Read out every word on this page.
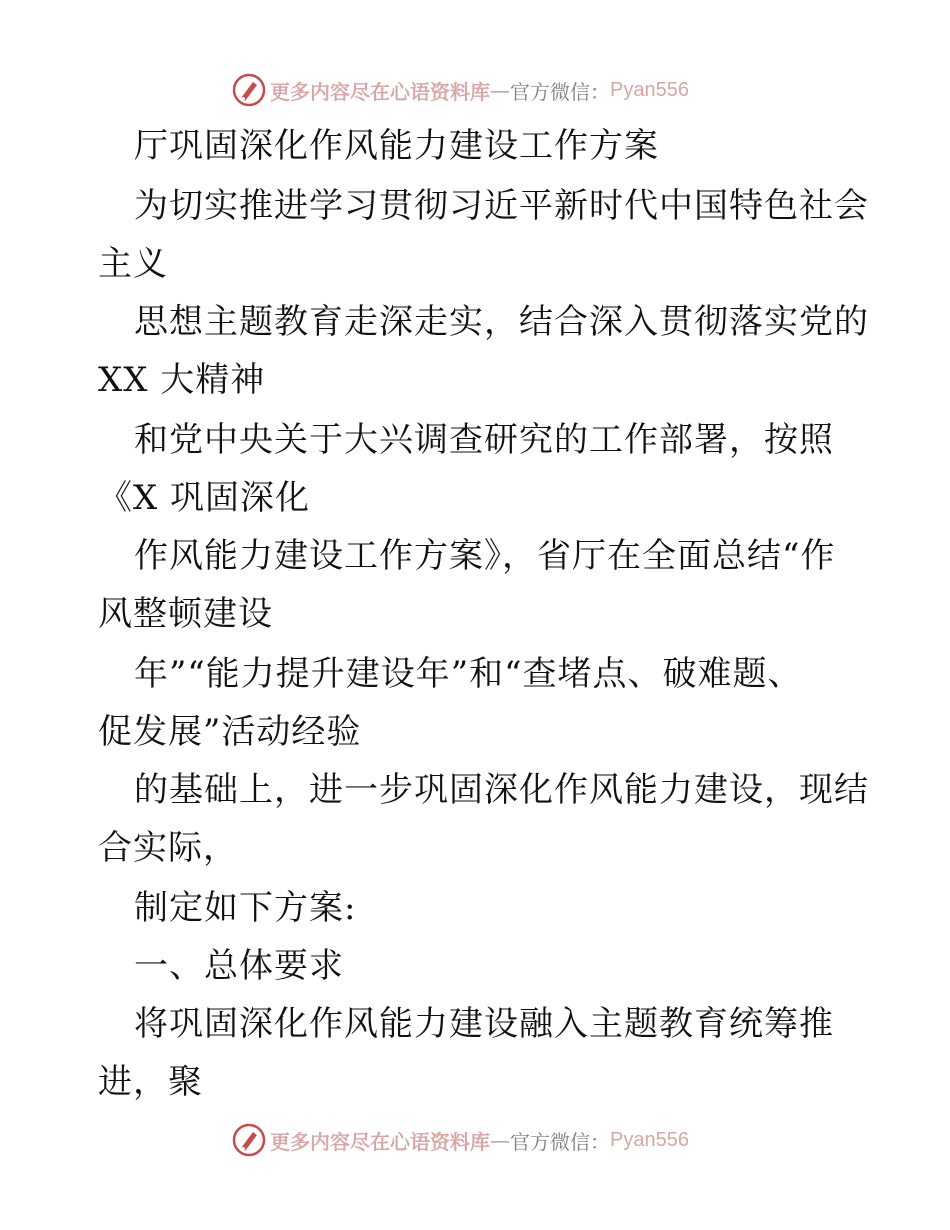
更多内容尽在心语资料库 — 官方微信： Pyan556
厅巩固深化作风能力建设工作方案
为切实推进学习贯彻习近平新时代中国特色社会
主义
思想主题教育走深走实，结合深入贯彻落实党的
XX 大精神
和党中央关于大兴调查研究的工作部署，按照
《X 巩固深化
作风能力建设工作方案》，省厅在全面总结“作
风整顿建设
年”“能力提升建设年”和“查堵点、破难题、
促发展”活动经验
的基础上，进一步巩固深化作风能力建设，现结
合实际，
制定如下方案:
一、总体要求
将巩固深化作风能力建设融入主题教育统筹推
进，聚
更多内容尽在心语资料库 — 官方微信： Pyan556
